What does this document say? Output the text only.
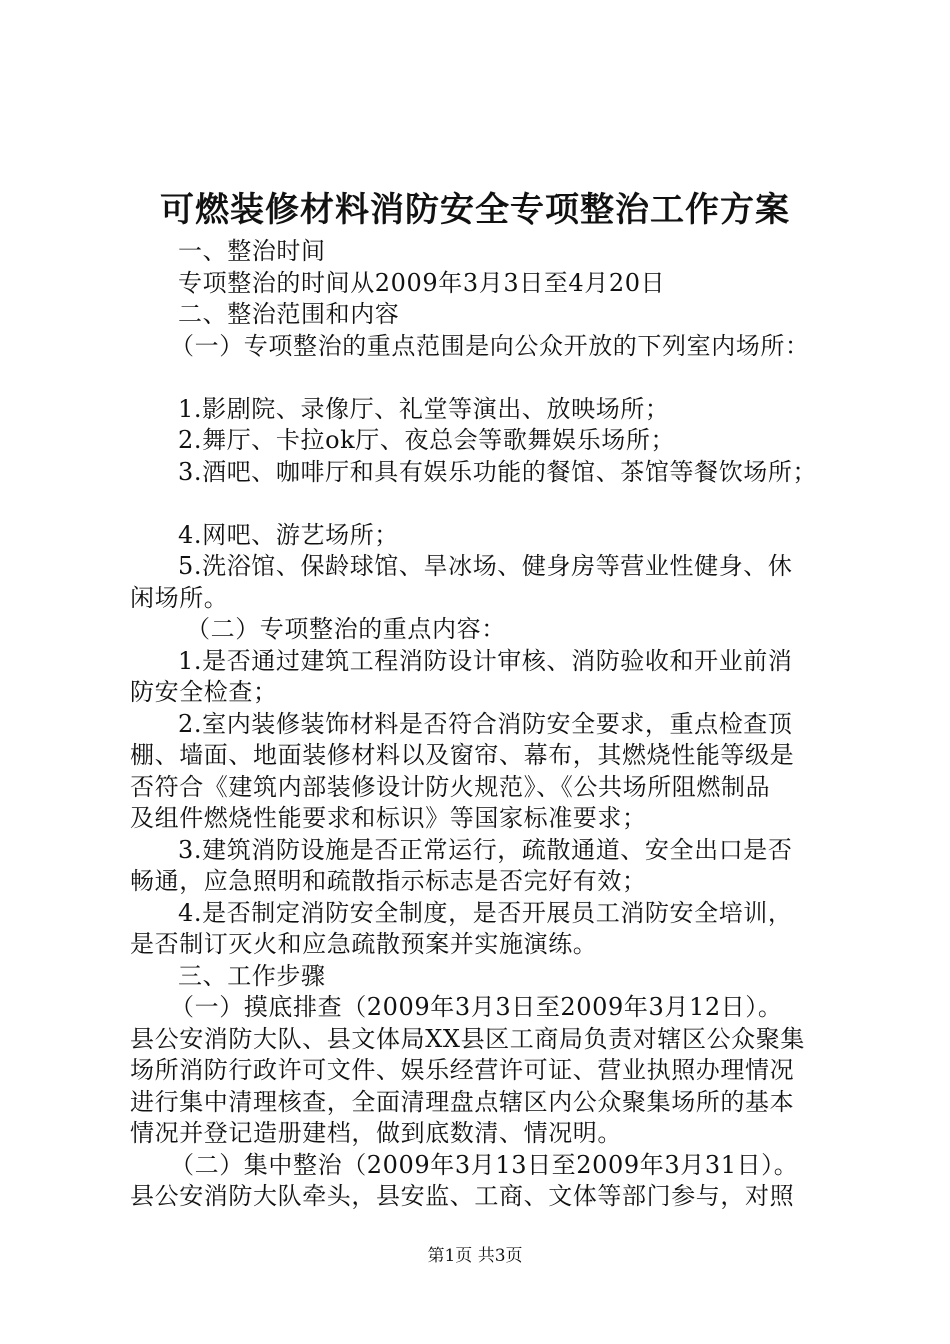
可燃装修材料消防安全专项整治工作方案
一、整治时间
专项整治的时间从2009年3月3日至4月20日
二、整治范围和内容
（一）专项整治的重点范围是向公众开放的下列室内场所：
1.影剧院、录像厅、礼堂等演出、放映场所；
2.舞厅、卡拉ok厅、夜总会等歌舞娱乐场所；
3.酒吧、咖啡厅和具有娱乐功能的餐馆、茶馆等餐饮场所；
4.网吧、游艺场所；
5.洗浴馆、保龄球馆、旱冰场、健身房等营业性健身、休
闲场所。
（二）专项整治的重点内容：
1.是否通过建筑工程消防设计审核、消防验收和开业前消
防安全检查；
2.室内装修装饰材料是否符合消防安全要求，重点检查顶
棚、墙面、地面装修材料以及窗帘、幕布，其燃烧性能等级是
否符合《建筑内部装修设计防火规范》、《公共场所阻燃制品
及组件燃烧性能要求和标识》等国家标准要求；
3.建筑消防设施是否正常运行，疏散通道、安全出口是否
畅通，应急照明和疏散指示标志是否完好有效；
4.是否制定消防安全制度，是否开展员工消防安全培训，
是否制订灭火和应急疏散预案并实施演练。
三、工作步骤
（一）摸底排查（2009年3月3日至2009年3月12日）。
县公安消防大队、县文体局XX县区工商局负责对辖区公众聚集
场所消防行政许可文件、娱乐经营许可证、营业执照办理情况
进行集中清理核查，全面清理盘点辖区内公众聚集场所的基本
情况并登记造册建档，做到底数清、情况明。
（二）集中整治（2009年3月13日至2009年3月31日）。
县公安消防大队牵头，县安监、工商、文体等部门参与，对照
第1页 共3页
